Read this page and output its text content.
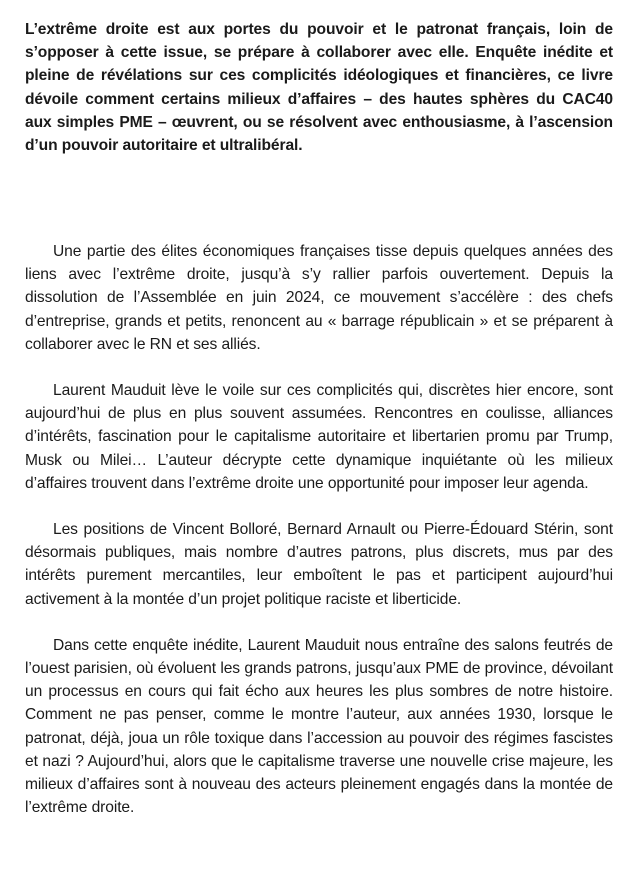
L’extrême droite est aux portes du pouvoir et le patronat français, loin de s’opposer à cette issue, se prépare à collaborer avec elle. Enquête inédite et pleine de révélations sur ces complicités idéologiques et financières, ce livre dévoile comment certains milieux d’affaires – des hautes sphères du CAC40 aux simples PME – œuvrent, ou se résolvent avec enthousiasme, à l’ascension d’un pouvoir autoritaire et ultralibéral.

Une partie des élites économiques françaises tisse depuis quelques années des liens avec l’extrême droite, jusqu’à s’y rallier parfois ouvertement. Depuis la dissolution de l’Assemblée en juin 2024, ce mouvement s’accélère : des chefs d’entreprise, grands et petits, renoncent au « barrage républicain » et se préparent à collaborer avec le RN et ses alliés.

Laurent Mauduit lève le voile sur ces complicités qui, discrètes hier encore, sont aujourd’hui de plus en plus souvent assumées. Rencontres en coulisse, alliances d’intérêts, fascination pour le capitalisme autoritaire et libertarien promu par Trump, Musk ou Milei… L’auteur décrypte cette dynamique inquiétante où les milieux d’affaires trouvent dans l’extrême droite une opportunité pour imposer leur agenda.

Les positions de Vincent Bolloré, Bernard Arnault ou Pierre-Édouard Stérin, sont désormais publiques, mais nombre d’autres patrons, plus discrets, mus par des intérêts purement mercantiles, leur emboîtent le pas et participent aujourd’hui activement à la montée d’un projet politique raciste et liberticide.

Dans cette enquête inédite, Laurent Mauduit nous entraîne des salons feutrés de l’ouest parisien, où évoluent les grands patrons, jusqu’aux PME de province, dévoilant un processus en cours qui fait écho aux heures les plus sombres de notre histoire. Comment ne pas penser, comme le montre l’auteur, aux années 1930, lorsque le patronat, déjà, joua un rôle toxique dans l’accession au pouvoir des régimes fascistes et nazi ? Aujourd’hui, alors que le capitalisme traverse une nouvelle crise majeure, les milieux d’affaires sont à nouveau des acteurs pleinement engagés dans la montée de l’extrême droite.
